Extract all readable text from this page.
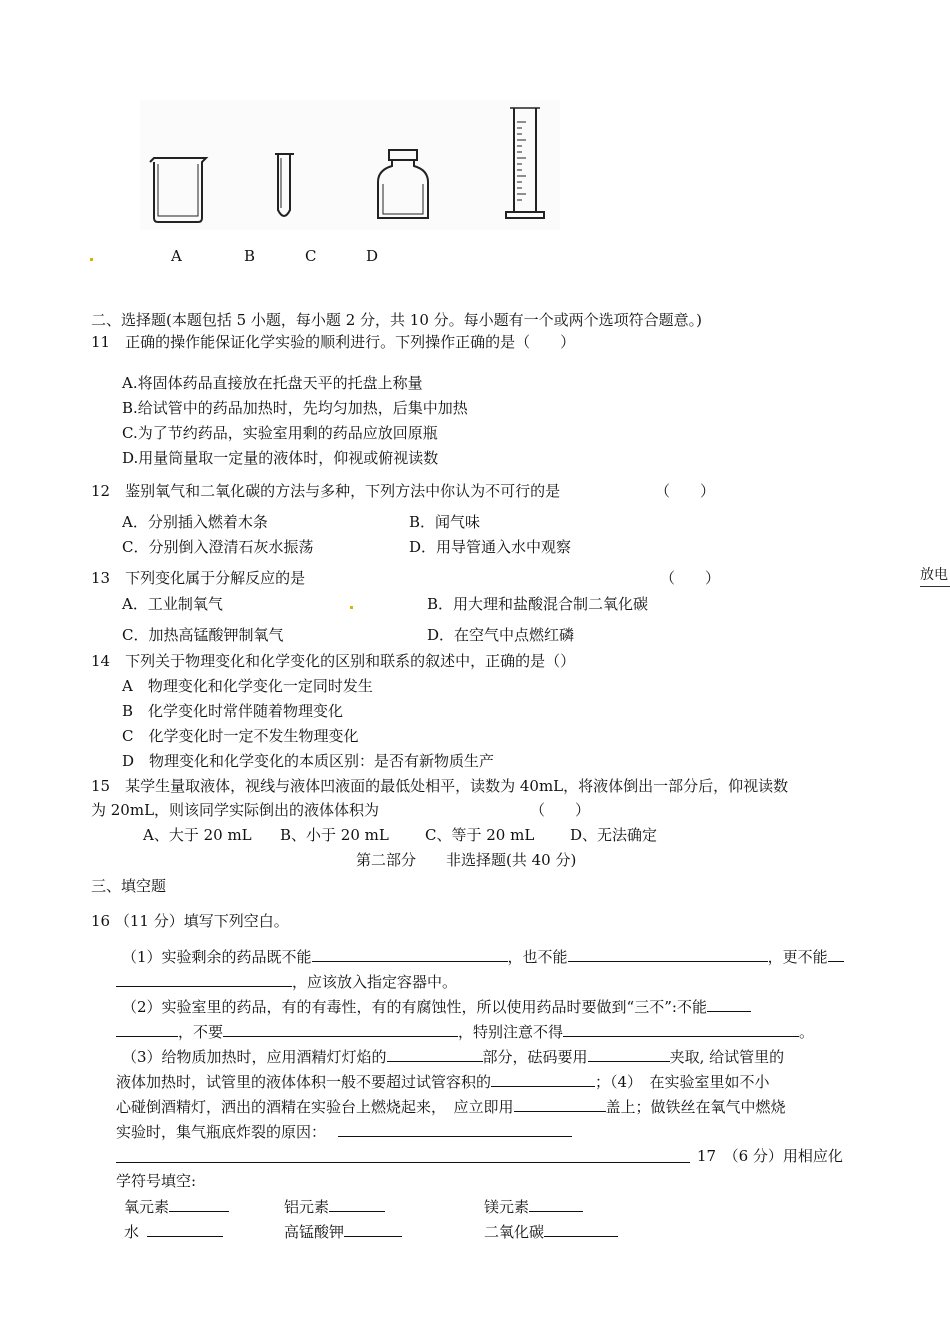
A	B	C	D
二、选择题(本题包括 5 小题，每小题 2 分，共 10 分。每小题有一个或两个选项符合题意。)
11　正确的操作能保证化学实验的顺利进行。下列操作正确的是（　　）
A.将固体药品直接放在托盘天平的托盘上称量
B.给试管中的药品加热时，先均匀加热，后集中加热
C.为了节约药品，实验室用剩的药品应放回原瓶
D.用量筒量取一定量的液体时，仰视或俯视读数
12　鉴别氧气和二氧化碳的方法与多种，下列方法中你认为不可行的是	（　　）
A．分别插入燃着木条	B．闻气味
C．分别倒入澄清石灰水振荡	D．用导管通入水中观察
13　下列变化属于分解反应的是	（　　）
A．工业制氧气	B．用大理和盐酸混合制二氧化碳
C．加热高锰酸钾制氧气	D．在空气中点燃红磷
14　下列关于物理变化和化学变化的区别和联系的叙述中，正确的是（）
A　物理变化和化学变化一定同时发生
B　化学变化时常伴随着物理变化
C　化学变化时一定不发生物理变化
D　物理变化和化学变化的本质区别：是否有新物质生产
15　某学生量取液体，视线与液体凹液面的最低处相平，读数为 40mL，将液体倒出一部分后，仰视读数
为 20mL，则该同学实际倒出的液体体积为	（　　）
A、大于 20 mL B、小于 20 mL C、等于 20 mL D、无法确定
第二部分　　非选择题(共 40 分)
三、填空题
16 （11 分）填写下列空白。
（1）实验剩余的药品既不能	，也不能	，更不能
，应该放入指定容器中。
（2）实验室里的药品，有的有毒性，有的有腐蚀性，所以使用药品时要做到“三不”:不能
，不要	，特别注意不得	。
（3）给物质加热时，应用酒精灯灯焰的	部分，砝码要用	夹取, 给试管里的
液体加热时，试管里的液体体积一般不要超过试管容积的	；（4）　在实验室里如不小
心碰倒酒精灯，洒出的酒精在实验台上燃烧起来，　应立即用	盖上；做铁丝在氧气中燃烧
实验时，集气瓶底炸裂的原因：
17　（6 分）用相应化
学符号填空:
氧元素	铝元素	镁元素
水	高锰酸钾	二氧化碳
放电
